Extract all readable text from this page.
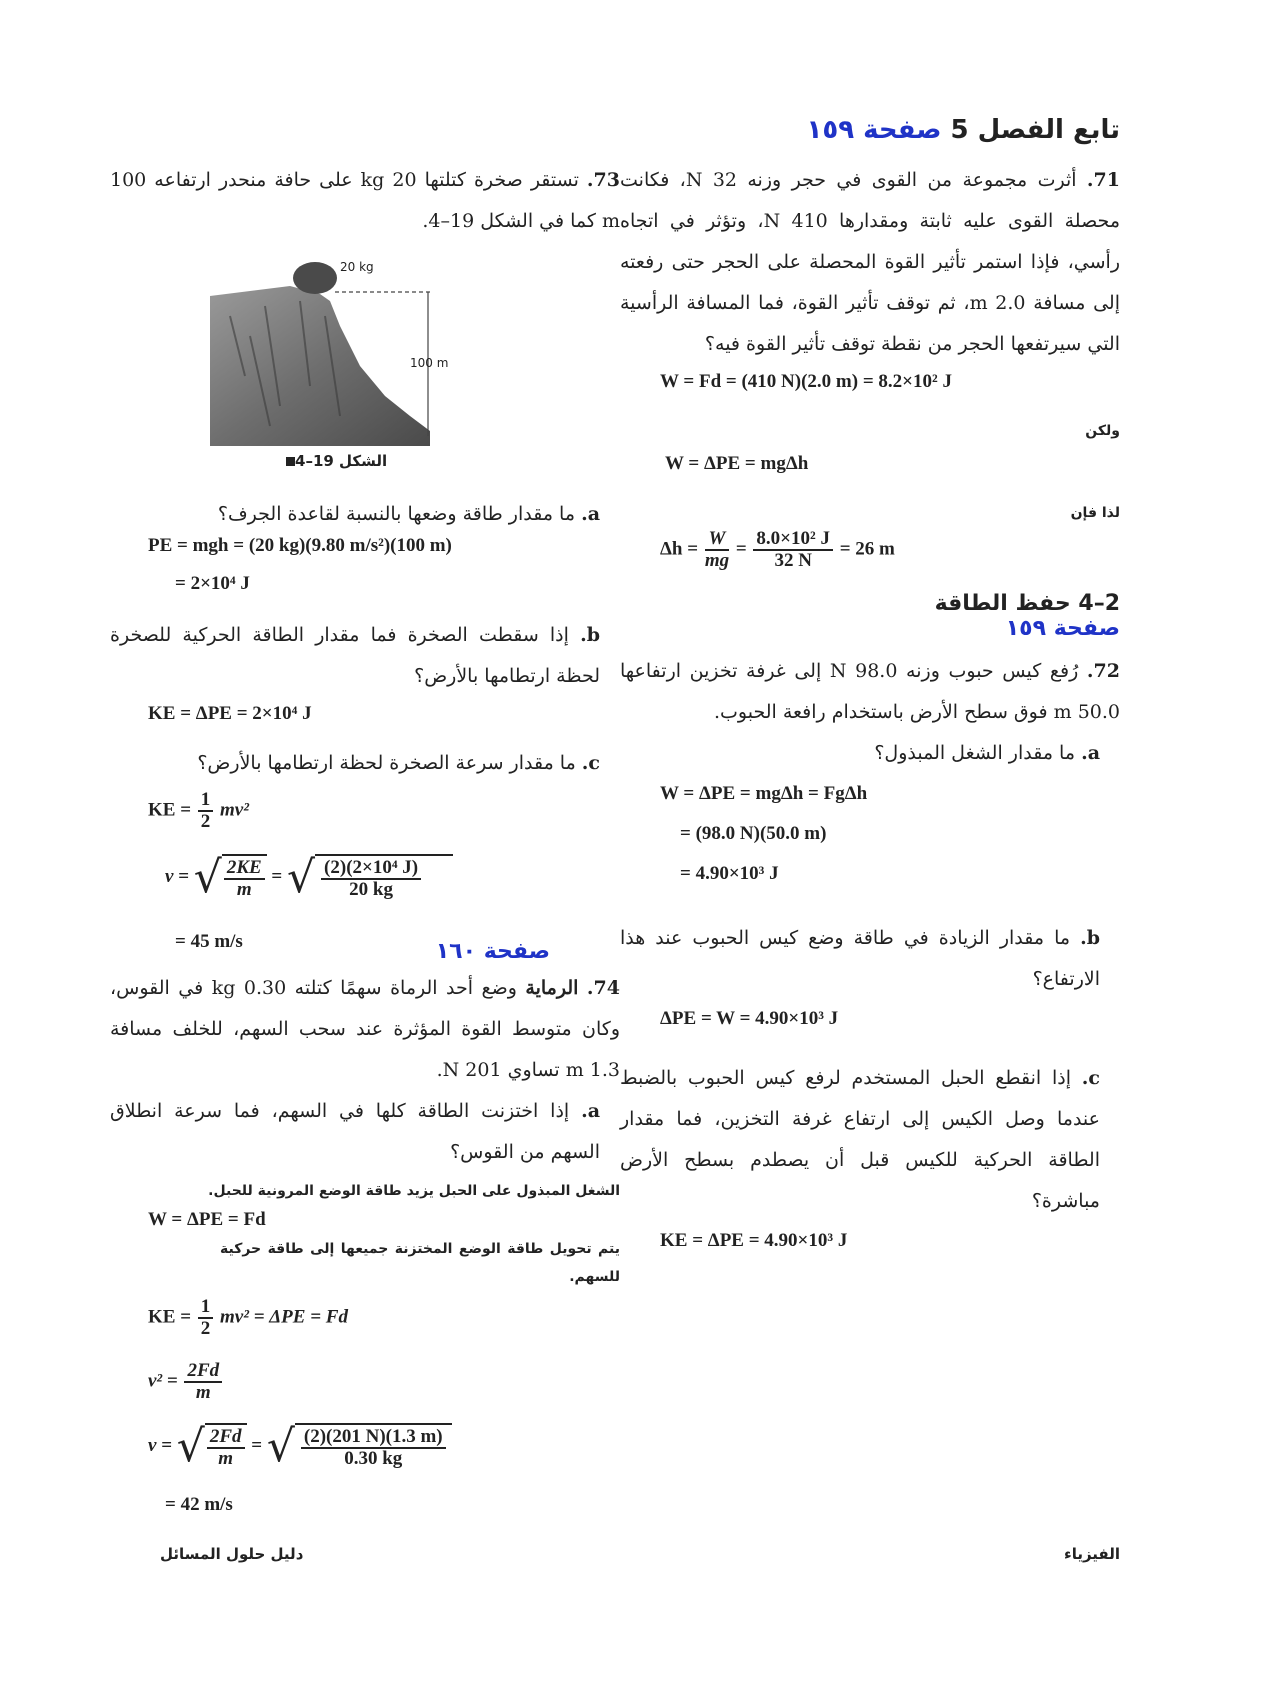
تابع الفصل 5 صفحة ١٥٩

71. أثرت مجموعة من القوى في حجر وزنه 32 N، فكانت محصلة القوى عليه ثابتة ومقدارها 410 N، وتؤثر في اتجاه رأسي، فإذا استمر تأثير القوة المحصلة على الحجر حتى رفعته إلى مسافة 2.0 m، ثم توقف تأثير القوة، فما المسافة الرأسية التي سيرتفعها الحجر من نقطة توقف تأثير القوة فيه؟

W = Fd = (410 N)(2.0 m) = 8.2×10² J
ولكن
W = ΔPE = mgΔh
لذا فإن
$\Delta h = \frac{W}{mg} = \frac{\text{8.0×10² J}}{32 N} = 26$ m
2–4 حفظ الطاقة
صفحة ١٥٩

72. رُفع كيس حبوب وزنه 98.0 N إلى غرفة تخزين ارتفاعها 50.0 m فوق سطح الأرض باستخدام رافعة الحبوب.

a. ما مقدار الشغل المبذول؟

W = ΔPE = mgΔh = FgΔh
= (98.0 N)(50.0 m)
= 4.90×10³ J

b. ما مقدار الزيادة في طاقة وضع كيس الحبوب عند هذا الارتفاع؟

ΔPE = W = 4.90×10³ J

c. إذا انقطع الحبل المستخدم لرفع كيس الحبوب بالضبط عندما وصل الكيس إلى ارتفاع غرفة التخزين، فما مقدار الطاقة الحركية للكيس قبل أن يصطدم بسطح الأرض مباشرة؟

KE = ΔPE = 4.90×10³ J

73. تستقر صخرة كتلتها 20 kg على حافة منحدر ارتفاعه 100 m كما في الشكل 19–4.

20 kg
100 m
الشكل 19–4

a. ما مقدار طاقة وضعها بالنسبة لقاعدة الجرف؟

PE = mgh = (20 kg)(9.80 m/s²)(100 m)
= 2×10⁴ J

b. إذا سقطت الصخرة فما مقدار الطاقة الحركية للصخرة لحظة ارتطامها بالأرض؟

KE = ΔPE = 2×10⁴ J

c. ما مقدار سرعة الصخرة لحظة ارتطامها بالأرض؟

KE = $\frac{1}{2} mv^2$
v = √ $\frac{2KE}{m}$ = √ $\frac{\text{(2)(2×10⁴ J)}}{20 kg}$
= 45 m/s	صفحة ١٦٠

74. الرماية وضع أحد الرماة سهمًا كتلته 0.30 kg في القوس، وكان متوسط القوة المؤثرة عند سحب السهم، للخلف مسافة 1.3 m تساوي 201 N.

a. إذا اختزنت الطاقة كلها في السهم، فما سرعة انطلاق السهم من القوس؟

الشغل المبذول على الحبل يزيد طاقة الوضع المرونية للحبل.
W = ΔPE = Fd
يتم تحويل طاقة الوضع المختزنة جميعها إلى طاقة حركية للسهم.
KE = $\frac{1}{2} mv^2 = \Delta PE = Fd$
$v^2 = \frac{2Fd}{m}$
v = √ $\frac{2Fd}{m}$ = √ $\frac{(2)(201 N)(1.3 m)}{0.30 kg}$
= 42 m/s
الفيزياء
دليل حلول المسائل
